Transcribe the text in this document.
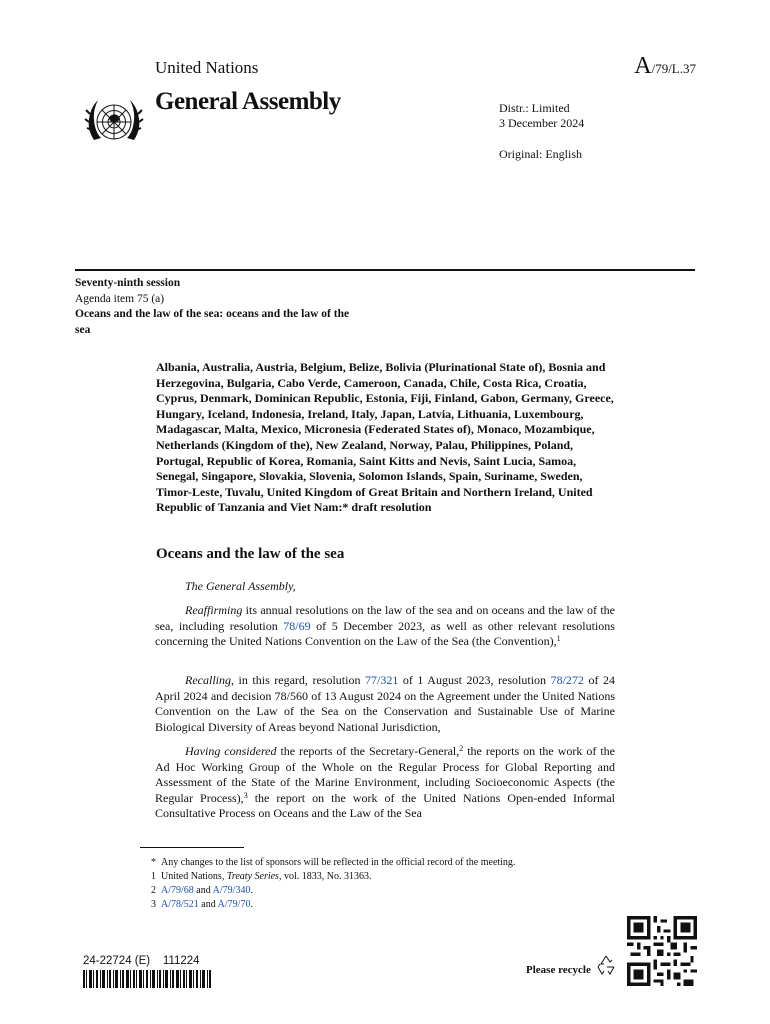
United Nations	A/79/L.37
General Assembly	Distr.: Limited
3 December 2024
Original: English
Seventy-ninth session
Agenda item 75 (a)
Oceans and the law of the sea: oceans and the law of the sea
Albania, Australia, Austria, Belgium, Belize, Bolivia (Plurinational State of), Bosnia and Herzegovina, Bulgaria, Cabo Verde, Cameroon, Canada, Chile, Costa Rica, Croatia, Cyprus, Denmark, Dominican Republic, Estonia, Fiji, Finland, Gabon, Germany, Greece, Hungary, Iceland, Indonesia, Ireland, Italy, Japan, Latvia, Lithuania, Luxembourg, Madagascar, Malta, Mexico, Micronesia (Federated States of), Monaco, Mozambique, Netherlands (Kingdom of the), New Zealand, Norway, Palau, Philippines, Poland, Portugal, Republic of Korea, Romania, Saint Kitts and Nevis, Saint Lucia, Samoa, Senegal, Singapore, Slovakia, Slovenia, Solomon Islands, Spain, Suriname, Sweden, Timor-Leste, Tuvalu, United Kingdom of Great Britain and Northern Ireland, United Republic of Tanzania and Viet Nam:* draft resolution
Oceans and the law of the sea
The General Assembly,
Reaffirming its annual resolutions on the law of the sea and on oceans and the law of the sea, including resolution 78/69 of 5 December 2023, as well as other relevant resolutions concerning the United Nations Convention on the Law of the Sea (the Convention),$^1$
Recalling, in this regard, resolution 77/321 of 1 August 2023, resolution 78/272 of 24 April 2024 and decision 78/560 of 13 August 2024 on the Agreement under the United Nations Convention on the Law of the Sea on the Conservation and Sustainable Use of Marine Biological Diversity of Areas beyond National Jurisdiction,
Having considered the reports of the Secretary-General,$^2$ the reports on the work of the Ad Hoc Working Group of the Whole on the Regular Process for Global Reporting and Assessment of the State of the Marine Environment, including Socioeconomic Aspects (the Regular Process),$^3$ the report on the work of the United Nations Open-ended Informal Consultative Process on Oceans and the Law of the Sea
* Any changes to the list of sponsors will be reflected in the official record of the meeting.
1 United Nations, Treaty Series, vol. 1833, No. 31363.
2 A/79/68 and A/79/340.
3 A/78/521 and A/79/70.
24-22724 (E)    111224
Please recycle
